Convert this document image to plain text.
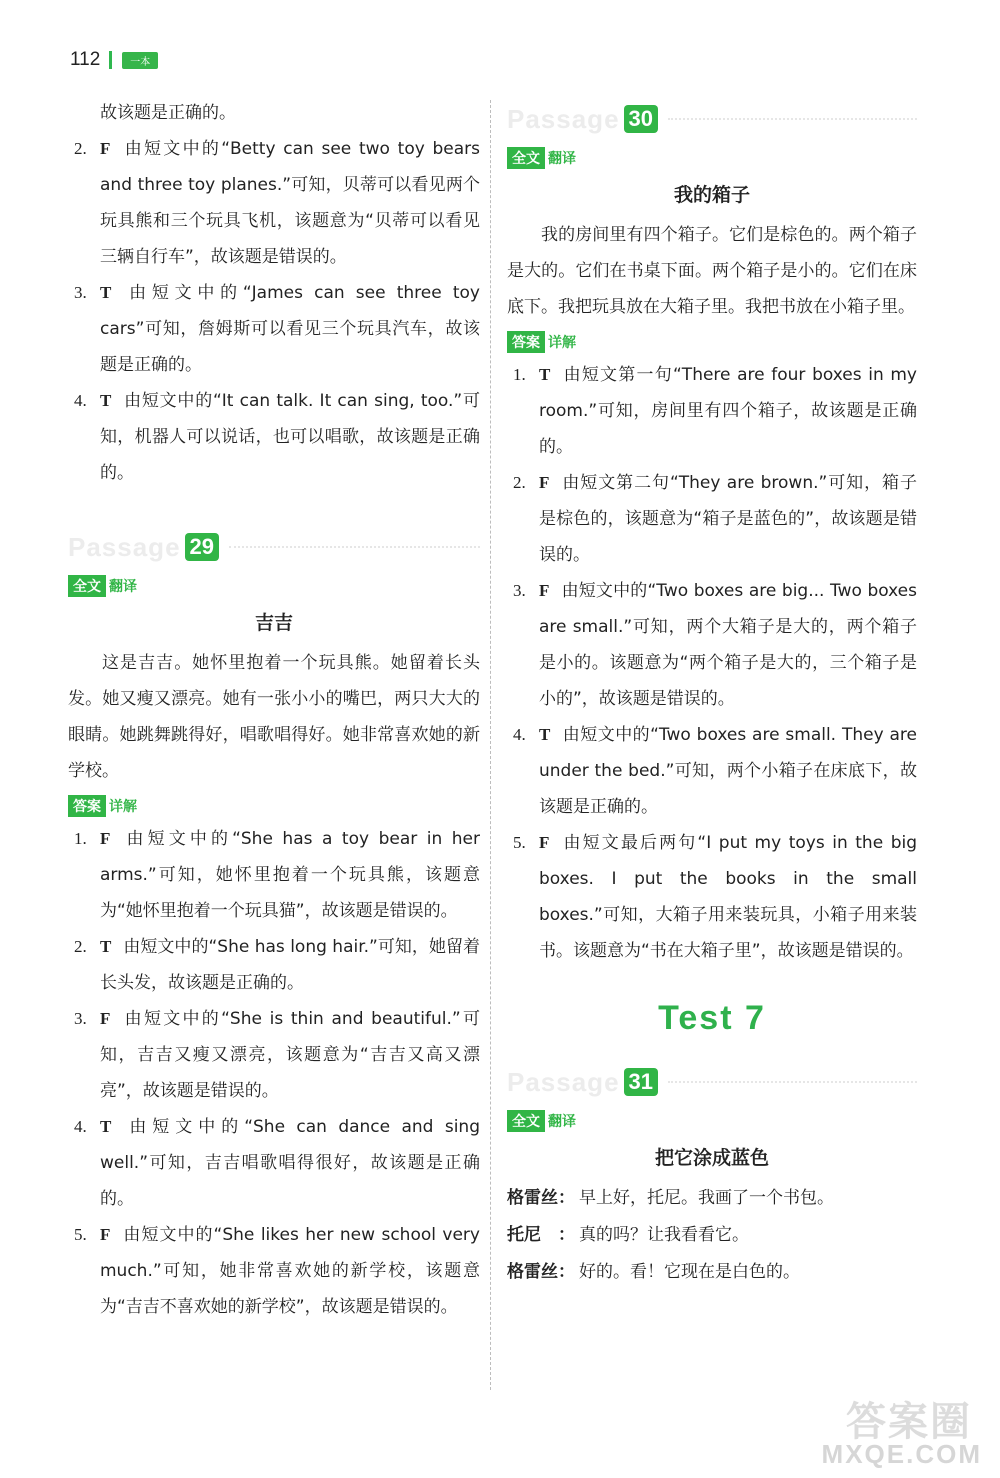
112	一本

故该题是正确的。

2. F 由短文中的“Betty can see two toy bears and three toy planes.”可知，贝蒂可以看见两个玩具熊和三个玩具飞机，该题意为“贝蒂可以看见三辆自行车”，故该题是错误的。

3. T 由短文中的“James can see three toy cars”可知，詹姆斯可以看见三个玩具汽车，故该题是正确的。

4. T 由短文中的“It can talk. It can sing, too.”可知，机器人可以说话，也可以唱歌，故该题是正确的。

Passage 29
全文 翻译
吉吉

这是吉吉。她怀里抱着一个玩具熊。她留着长头发。她又瘦又漂亮。她有一张小小的嘴巴，两只大大的眼睛。她跳舞跳得好，唱歌唱得好。她非常喜欢她的新学校。

答案 详解

1. F 由短文中的“She has a toy bear in her arms.”可知，她怀里抱着一个玩具熊，该题意为“她怀里抱着一个玩具猫”，故该题是错误的。

2. T 由短文中的“She has long hair.”可知，她留着长头发，故该题是正确的。

3. F 由短文中的“She is thin and beautiful.”可知，吉吉又瘦又漂亮，该题意为“吉吉又高又漂亮”，故该题是错误的。

4. T 由短文中的“She can dance and sing well.”可知，吉吉唱歌唱得很好，故该题是正确的。

5. F 由短文中的“She likes her new school very much.”可知，她非常喜欢她的新学校，该题意为“吉吉不喜欢她的新学校”，故该题是错误的。

Passage 30
全文 翻译
我的箱子

我的房间里有四个箱子。它们是棕色的。两个箱子是大的。它们在书桌下面。两个箱子是小的。它们在床底下。我把玩具放在大箱子里。我把书放在小箱子里。

答案 详解

1. T 由短文第一句“There are four boxes in my room.”可知，房间里有四个箱子，故该题是正确的。

2. F 由短文第二句“They are brown.”可知，箱子是棕色的，该题意为“箱子是蓝色的”，故该题是错误的。

3. F 由短文中的“Two boxes are big... Two boxes are small.”可知，两个大箱子是大的，两个箱子是小的。该题意为“两个箱子是大的，三个箱子是小的”，故该题是错误的。

4. T 由短文中的“Two boxes are small. They are under the bed.”可知，两个小箱子在床底下，故该题是正确的。

5. F 由短文最后两句“I put my toys in the big boxes. I put the books in the small boxes.”可知，大箱子用来装玩具，小箱子用来装书。该题意为“书在大箱子里”，故该题是错误的。

Test 7
Passage 31
全文 翻译
把它涂成蓝色

格雷丝： 早上好，托尼。我画了一个书包。

托尼　： 真的吗？让我看看它。

格雷丝： 好的。看！它现在是白色的。

答案圈
MXQE.COM
